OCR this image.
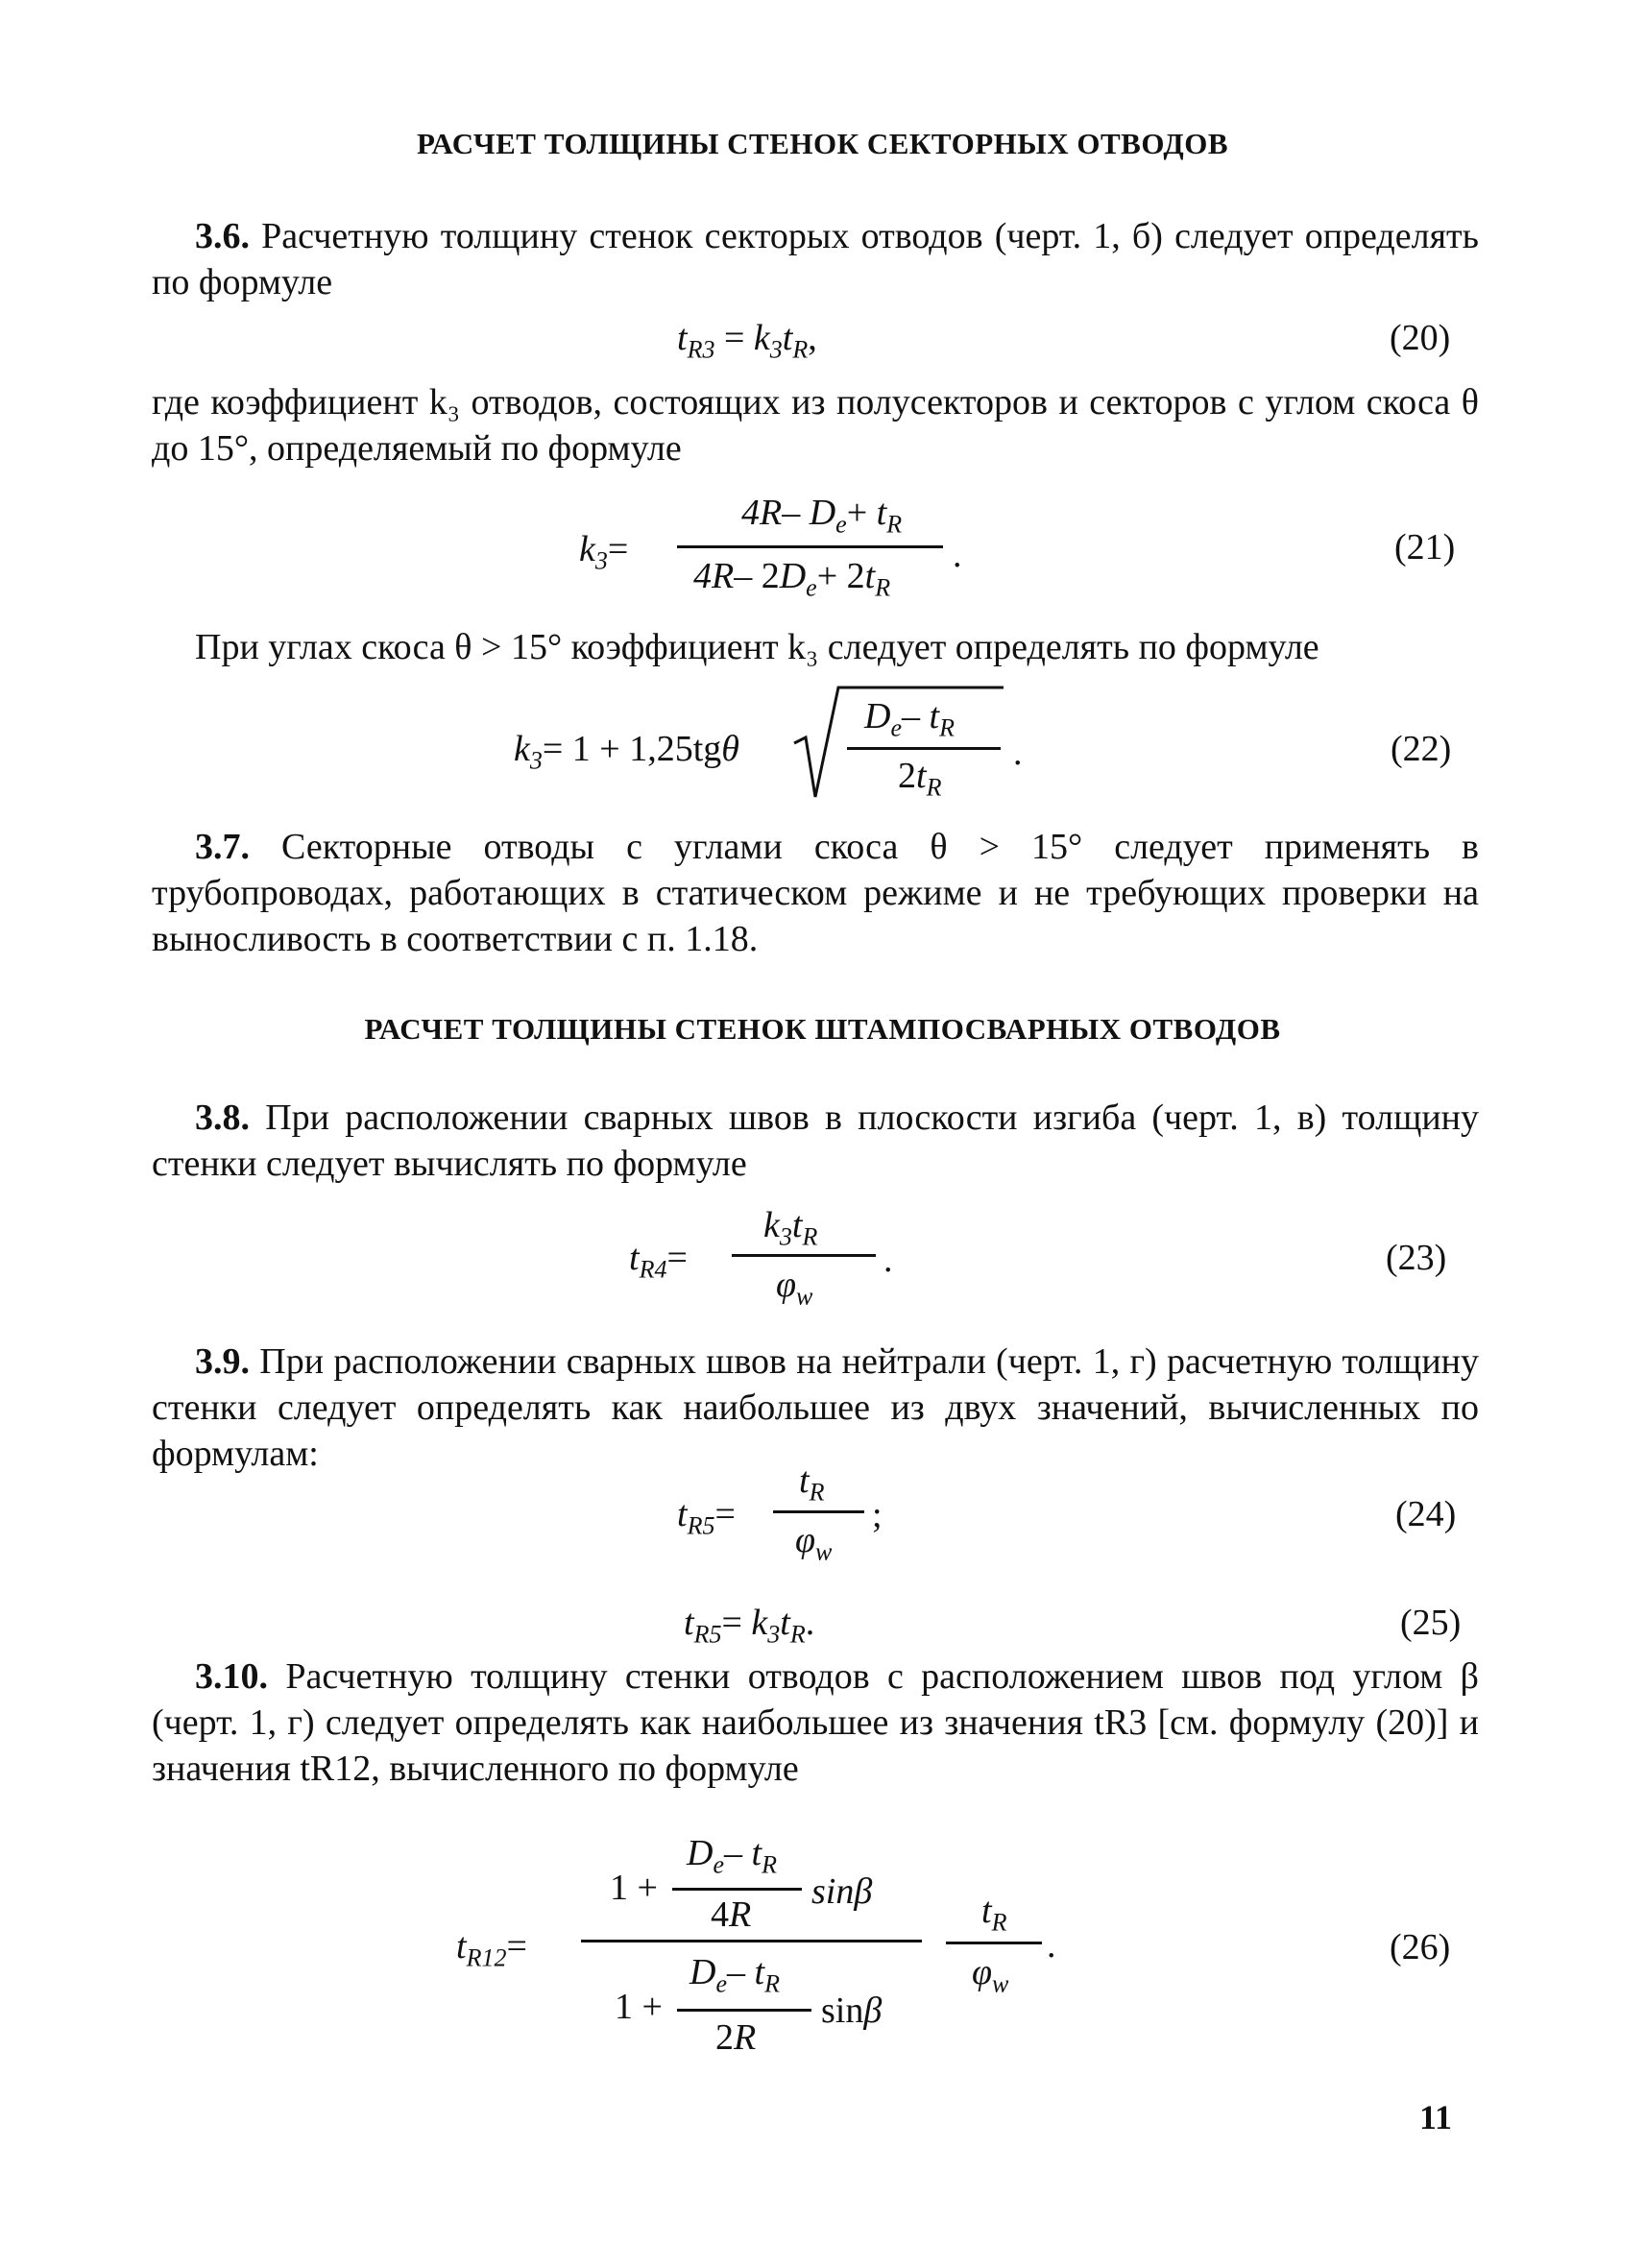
РАСЧЕТ ТОЛЩИНЫ СТЕНОК СЕКТОРНЫХ ОТВОДОВ
3.6. Расчетную толщину стенок секторых отводов (черт. 1, б) следует определять по формуле
$t_{R3} = k_3t_R$,	(20)
где коэффициент k₃ отводов, состоящих из полусекторов и секторов с углом скоса θ до 15°, определяемый по формуле
$k_3=$
4R– $D_e+ t_R$
4R– $2D_e+ 2t_R$
.	(21)
При углах скоса θ > 15° коэффициент k₃ следует определять по формуле
$k_3= 1 + 1,25tg\theta$
$D_e-$ $t_R$
$2t_R$
.	(22)
3.7. Секторные отводы с углами скоса θ > 15° следует применять в трубопроводах, работающих в статическом режиме и не требующих проверки на выносливость в соответствии с п. 1.18.
РАСЧЕТ ТОЛЩИНЫ СТЕНОК ШТАМПОСВАРНЫХ ОТВОДОВ
3.8. При расположении сварных швов в плоскости изгиба (черт. 1, в) толщину стенки следует вычислять по формуле
$t_{R4}=$
$k_3t_R$
$\varphi_w$
.	(23)
3.9. При расположении сварных швов на нейтрали (черт. 1, г) расчетную толщину стенки следует определять как наибольшее из двух значений, вычисленных по формулам:
$t_{R5}=$
$t_R$
$\varphi_w$
;	(24)
$t_{R5}= k_3t_R$.	(25)
3.10. Расчетную толщину стенки отводов с расположением швов под углом β (черт. 1, г) следует определять как наибольшее из значения tR3 [см. формулу (20)] и значения tR12, вычисленного по формуле
$t_{R12}=$
$D_e-$ $t_R$
1 +	sinβ
4R
$D_e-$ $t_R$
1 +	sinβ
2R
$t_R$
$\varphi_w$
.	(26)
11
